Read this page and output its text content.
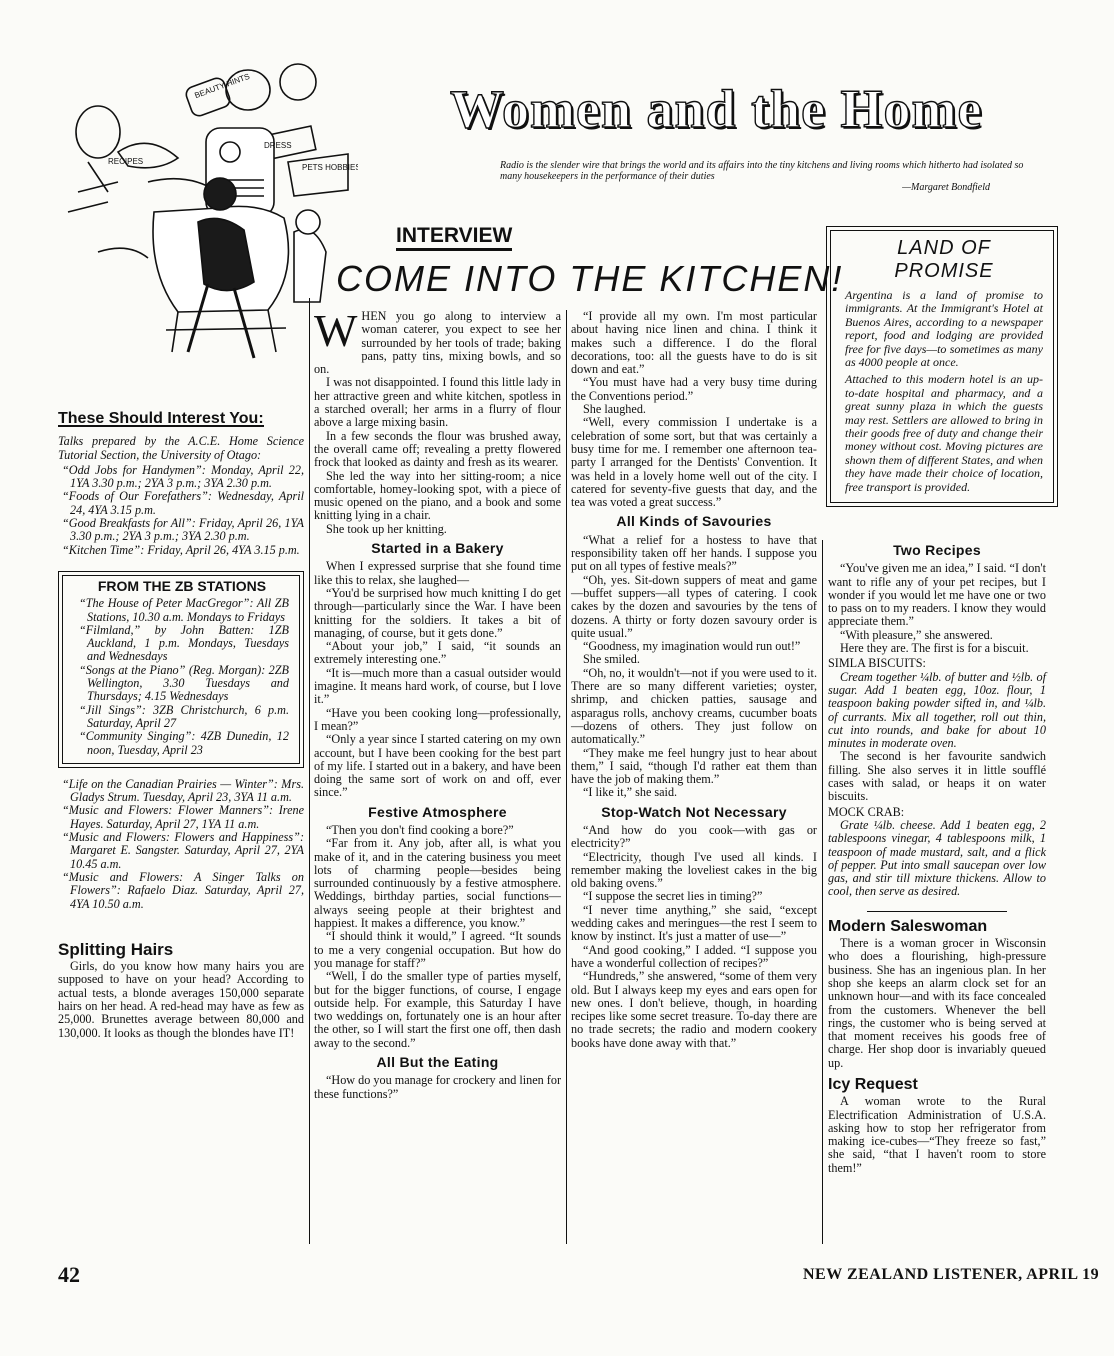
BEAUTY HINTS
RECIPES
DRESS
PETS HOBBIES
Women and the Home
Radio is the slender wire that brings the world and its affairs into the tiny kitchens and living rooms which hitherto had isolated so many housekeepers in the performance of their duties
—Margaret Bondfield
INTERVIEW
COME INTO THE KITCHEN!
These Should Interest You:

Talks prepared by the A.C.E. Home Science Tutorial Section, the University of Otago:

“Odd Jobs for Handymen”: Monday, April 22, 1YA 3.30 p.m.; 2YA 3 p.m.; 3YA 2.30 p.m.
“Foods of Our Forefathers”: Wednesday, April 24, 4YA 3.15 p.m.
“Good Breakfasts for All”: Friday, April 26, 1YA 3.30 p.m.; 2YA 3 p.m.; 3YA 2.30 p.m.
“Kitchen Time”: Friday, April 26, 4YA 3.15 p.m.
FROM THE ZB STATIONS
“The House of Peter MacGregor”: All ZB Stations, 10.30 a.m. Mondays to Fridays
“Filmland,” by John Batten: 1ZB Auckland, 1 p.m. Mondays, Tuesdays and Wednesdays
“Songs at the Piano” (Reg. Morgan): 2ZB Wellington, 3.30 Tuesdays and Thursdays; 4.15 Wednesdays
“Jill Sings”: 3ZB Christchurch, 6 p.m. Saturday, April 27
“Community Singing”: 4ZB Dunedin, 12 noon, Tuesday, April 23
“Life on the Canadian Prairies — Winter”: Mrs. Gladys Strum. Tuesday, April 23, 3YA 11 a.m.
“Music and Flowers: Flower Manners”: Irene Hayes. Saturday, April 27, 1YA 11 a.m.
“Music and Flowers: Flowers and Happiness”: Margaret E. Sangster. Saturday, April 27, 2YA 10.45 a.m.
“Music and Flowers: A Singer Talks on Flowers”: Rafaelo Diaz. Saturday, April 27, 4YA 10.50 a.m.
Splitting Hairs

Girls, do you know how many hairs you are supposed to have on your head? According to actual tests, a blonde averages 150,000 separate hairs on her head. A red-head may have as few as 25,000. Brunettes average between 80,000 and 130,000. It looks as though the blondes have IT!

W HEN you go along to interview a woman caterer, you expect to see her surrounded by her tools of trade; baking pans, patty tins, mixing bowls, and so on.

I was not disappointed. I found this little lady in her attractive green and white kitchen, spotless in a starched overall; her arms in a flurry of flour above a large mixing basin.

In a few seconds the flour was brushed away, the overall came off; revealing a pretty flowered frock that looked as dainty and fresh as its wearer.

She led the way into her sitting-room; a nice comfortable, homey-looking spot, with a piece of music opened on the piano, and a book and some knitting lying in a chair.

She took up her knitting.

Started in a Bakery

When I expressed surprise that she found time like this to relax, she laughed—

“You'd be surprised how much knitting I do get through—particularly since the War. I have been knitting for the soldiers. It takes a bit of managing, of course, but it gets done.”

“About your job,” I said, “it sounds an extremely interesting one.”

“It is—much more than a casual outsider would imagine. It means hard work, of course, but I love it.”

“Have you been cooking long—professionally, I mean?”

“Only a year since I started catering on my own account, but I have been cooking for the best part of my life. I started out in a bakery, and have been doing the same sort of work on and off, ever since.”

Festive Atmosphere

“Then you don't find cooking a bore?”

“Far from it. Any job, after all, is what you make of it, and in the catering business you meet lots of charming people—besides being surrounded continuously by a festive atmosphere. Weddings, birthday parties, social functions—always seeing people at their brightest and happiest. It makes a difference, you know.”

“I should think it would,” I agreed. “It sounds to me a very congenial occupation. But how do you manage for staff?”

“Well, I do the smaller type of parties myself, but for the bigger functions, of course, I engage outside help. For example, this Saturday I have two weddings on, fortunately one is an hour after the other, so I will start the first one off, then dash away to the second.”

All But the Eating

“How do you manage for crockery and linen for these functions?”

“I provide all my own. I'm most particular about having nice linen and china. I think it makes such a difference. I do the floral decorations, too: all the guests have to do is sit down and eat.”

“You must have had a very busy time during the Conventions period.”

She laughed.

“Well, every commission I undertake is a celebration of some sort, but that was certainly a busy time for me. I remember one afternoon tea-party I arranged for the Dentists' Convention. It was held in a lovely home well out of the city. I catered for seventy-five guests that day, and the tea was voted a great success.”

All Kinds of Savouries

“What a relief for a hostess to have that responsibility taken off her hands. I suppose you put on all types of festive meals?”

“Oh, yes. Sit-down suppers of meat and game—buffet suppers—all types of catering. I cook cakes by the dozen and savouries by the tens of dozens. A thirty or forty dozen savoury order is quite usual.”

“Goodness, my imagination would run out!”

She smiled.

“Oh, no, it wouldn't—not if you were used to it. There are so many different varieties; oyster, shrimp, and chicken patties, sausage and asparagus rolls, anchovy creams, cucumber boats—dozens of others. They just follow on automatically.”

“They make me feel hungry just to hear about them,” I said, “though I'd rather eat them than have the job of making them.”

“I like it,” she said.

Stop-Watch Not Necessary

“And how do you cook—with gas or electricity?”

“Electricity, though I've used all kinds. I remember making the loveliest cakes in the big old baking ovens.”

“I suppose the secret lies in timing?”

“I never time anything,” she said, “except wedding cakes and meringues—the rest I seem to know by instinct. It's just a matter of use—”

“And good cooking,” I added. “I suppose you have a wonderful collection of recipes?”

“Hundreds,” she answered, “some of them very old. But I always keep my eyes and ears open for new ones. I don't believe, though, in hoarding recipes like some secret treasure. To-day there are no trade secrets; the radio and modern cookery books have done away with that.”

LAND OF PROMISE

Argentina is a land of promise to immigrants. At the Immigrant's Hotel at Buenos Aires, according to a newspaper report, food and lodging are provided free for five days—to sometimes as many as 4000 people at once.

Attached to this modern hotel is an up-to-date hospital and pharmacy, and a great sunny plaza in which the guests may rest. Settlers are allowed to bring in their goods free of duty and change their money without cost. Moving pictures are shown them of different States, and when they have made their choice of location, free transport is provided.

Two Recipes

“You've given me an idea,” I said. “I don't want to rifle any of your pet recipes, but I wonder if you would let me have one or two to pass on to my readers. I know they would appreciate them.”

“With pleasure,” she answered.

Here they are. The first is for a biscuit.

SIMLA BISCUITS:

Cream together ¼lb. of butter and ½lb. of sugar. Add 1 beaten egg, 10oz. flour, 1 teaspoon baking powder sifted in, and ¼lb. of currants. Mix all together, roll out thin, cut into rounds, and bake for about 10 minutes in moderate oven.

The second is her favourite sandwich filling. She also serves it in little soufflé cases with salad, or heaps it on water biscuits.

MOCK CRAB:

Grate ¼lb. cheese. Add 1 beaten egg, 2 tablespoons vinegar, 4 tablespoons milk, 1 teaspoon of made mustard, salt, and a flick of pepper. Put into small saucepan over low gas, and stir till mixture thickens. Allow to cool, then serve as desired.

Modern Saleswoman

There is a woman grocer in Wisconsin who does a flourishing, high-pressure business. She has an ingenious plan. In her shop she keeps an alarm clock set for an unknown hour—and with its face concealed from the customers. Whenever the bell rings, the customer who is being served at that moment receives his goods free of charge. Her shop door is invariably queued up.

Icy Request

A woman wrote to the Rural Electrification Administration of U.S.A. asking how to stop her refrigerator from making ice-cubes—“They freeze so fast,” she said, “that I haven't room to store them!”

42	NEW ZEALAND LISTENER, APRIL 19
